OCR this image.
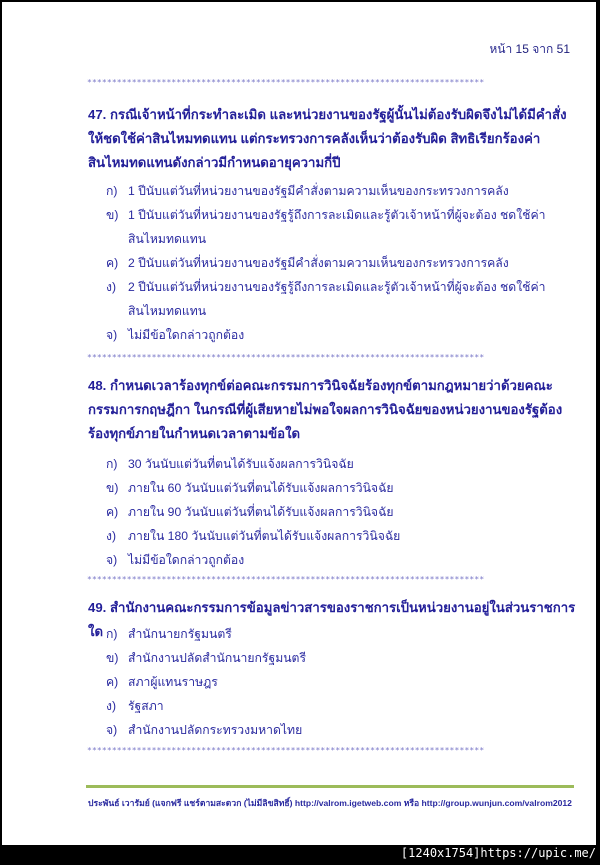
หน้า 15 จาก 51
********************************************************************************
47. กรณีเจ้าหน้าที่กระทำละเมิด และหน่วยงานของรัฐผู้นั้นไม่ต้องรับผิดจึงไม่ได้มีคำสั่งให้ชดใช้ค่าสินไหมทดแทน แต่กระทรวงการคลังเห็นว่าต้องรับผิด สิทธิเรียกร้องค่าสินไหมทดแทนดังกล่าวมีกำหนดอายุความกี่ปี
ก) 1 ปีนับแต่วันที่หน่วยงานของรัฐมีคำสั่งตามความเห็นของกระทรวงการคลัง
ข) 1 ปีนับแต่วันที่หน่วยงานของรัฐรู้ถึงการละเมิดและรู้ตัวเจ้าหน้าที่ผู้จะต้อง ชดใช้ค่าสินไหมทดแทน
ค) 2 ปีนับแต่วันที่หน่วยงานของรัฐมีคำสั่งตามความเห็นของกระทรวงการคลัง
ง) 2 ปีนับแต่วันที่หน่วยงานของรัฐรู้ถึงการละเมิดและรู้ตัวเจ้าหน้าที่ผู้จะต้อง ชดใช้ค่าสินไหมทดแทน
จ) ไม่มีข้อใดกล่าวถูกต้อง
********************************************************************************
48. กำหนดเวลาร้องทุกข์ต่อคณะกรรมการวินิจฉัยร้องทุกข์ตามกฎหมายว่าด้วยคณะกรรมการกฤษฎีกา ในกรณีที่ผู้เสียหายไม่พอใจผลการวินิจฉัยของหน่วยงานของรัฐต้องร้องทุกข์ภายในกำหนดเวลาตามข้อใด
ก) 30 วันนับแต่วันที่ตนได้รับแจ้งผลการวินิจฉัย
ข) ภายใน 60 วันนับแต่วันที่ตนได้รับแจ้งผลการวินิจฉัย
ค) ภายใน 90 วันนับแต่วันที่ตนได้รับแจ้งผลการวินิจฉัย
ง) ภายใน 180 วันนับแต่วันที่ตนได้รับแจ้งผลการวินิจฉัย
จ) ไม่มีข้อใดกล่าวถูกต้อง
********************************************************************************
49. สำนักงานคณะกรรมการข้อมูลข่าวสารของราชการเป็นหน่วยงานอยู่ในส่วนราชการใด ก) สำนักนายกรัฐมนตรี
ข) สำนักงานปลัดสำนักนายกรัฐมนตรี
ค) สภาผู้แทนราษฎร
ง) รัฐสภา
จ) สำนักงานปลัดกระทรวงมหาดไทย
********************************************************************************
ประพันธ์ เวารัมย์ (แจกฟรี แชร์ตามสะดวก (ไม่มีลิขสิทธิ์) http://valrom.igetweb.com หรือ http://group.wunjun.com/valrom2012
[1240x1754]https://upic.me/
